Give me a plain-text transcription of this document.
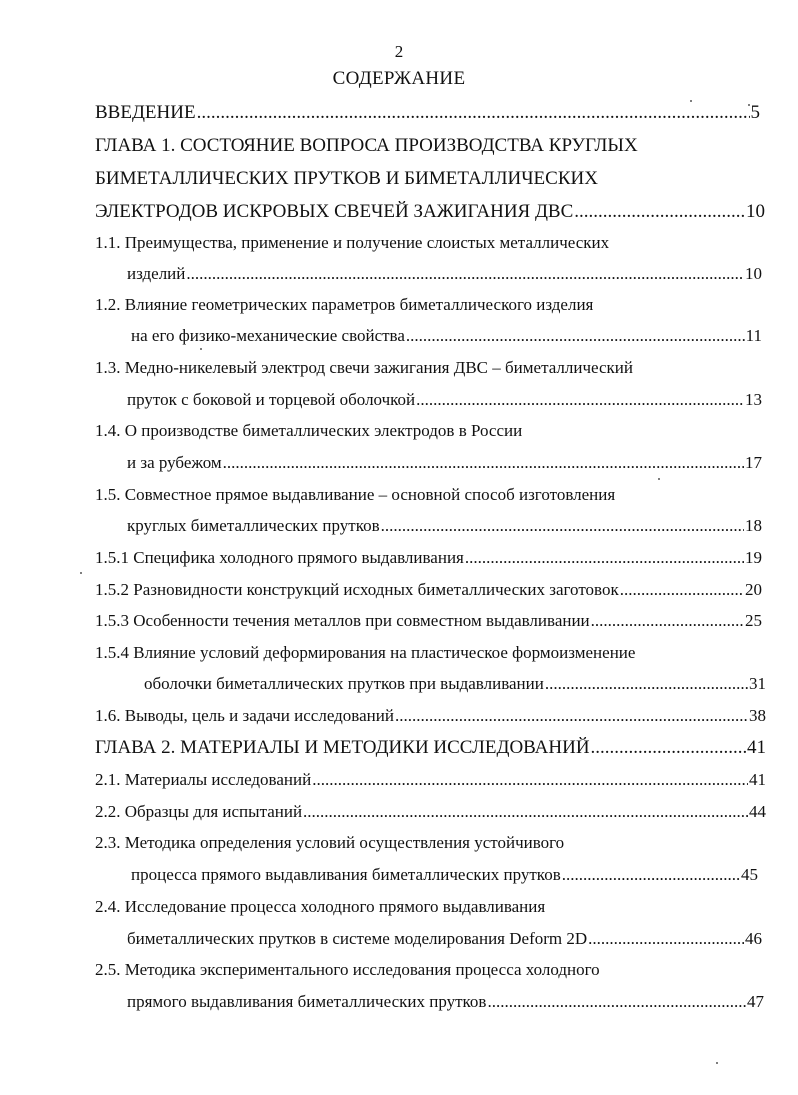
2
СОДЕРЖАНИЕ
ВВЕДЕНИЕ .....	5
ГЛАВА 1. СОСТОЯНИЕ ВОПРОСА ПРОИЗВОДСТВА КРУГЛЫХ
БИМЕТАЛЛИЧЕСКИХ ПРУТКОВ И БИМЕТАЛЛИЧЕСКИХ
ЭЛЕКТРОДОВ ИСКРОВЫХ СВЕЧЕЙ ЗАЖИГАНИЯ ДВС .....	10
1.1. Преимущества, применение и получение слоистых металлических
изделий .....	10
1.2. Влияние геометрических параметров биметаллического изделия
на его физико-механические свойства .....	11
1.3. Медно-никелевый электрод свечи зажигания ДВС – биметаллический
пруток с боковой и торцевой оболочкой .....	13
1.4. О производстве биметаллических электродов в России
и за рубежом .....	17
1.5. Совместное прямое выдавливание – основной способ изготовления
круглых биметаллических прутков .....	18
1.5.1 Специфика холодного прямого выдавливания .....	19
1.5.2 Разновидности конструкций исходных биметаллических заготовок .....	20
1.5.3 Особенности течения металлов при совместном выдавливании .....	25
1.5.4 Влияние условий деформирования на пластическое формоизменение
оболочки биметаллических прутков при выдавливании .....	31
1.6. Выводы, цель и задачи исследований .....	38
ГЛАВА 2. МАТЕРИАЛЫ И МЕТОДИКИ ИССЛЕДОВАНИЙ .....	41
2.1. Материалы исследований .....	41
2.2. Образцы для испытаний .....	44
2.3. Методика определения условий осуществления устойчивого
процесса прямого выдавливания биметаллических прутков .....	45
2.4. Исследование процесса холодного прямого выдавливания
биметаллических прутков в системе моделирования Deform 2D .....	46
2.5. Методика экспериментального исследования процесса холодного
прямого выдавливания биметаллических прутков .....	47
